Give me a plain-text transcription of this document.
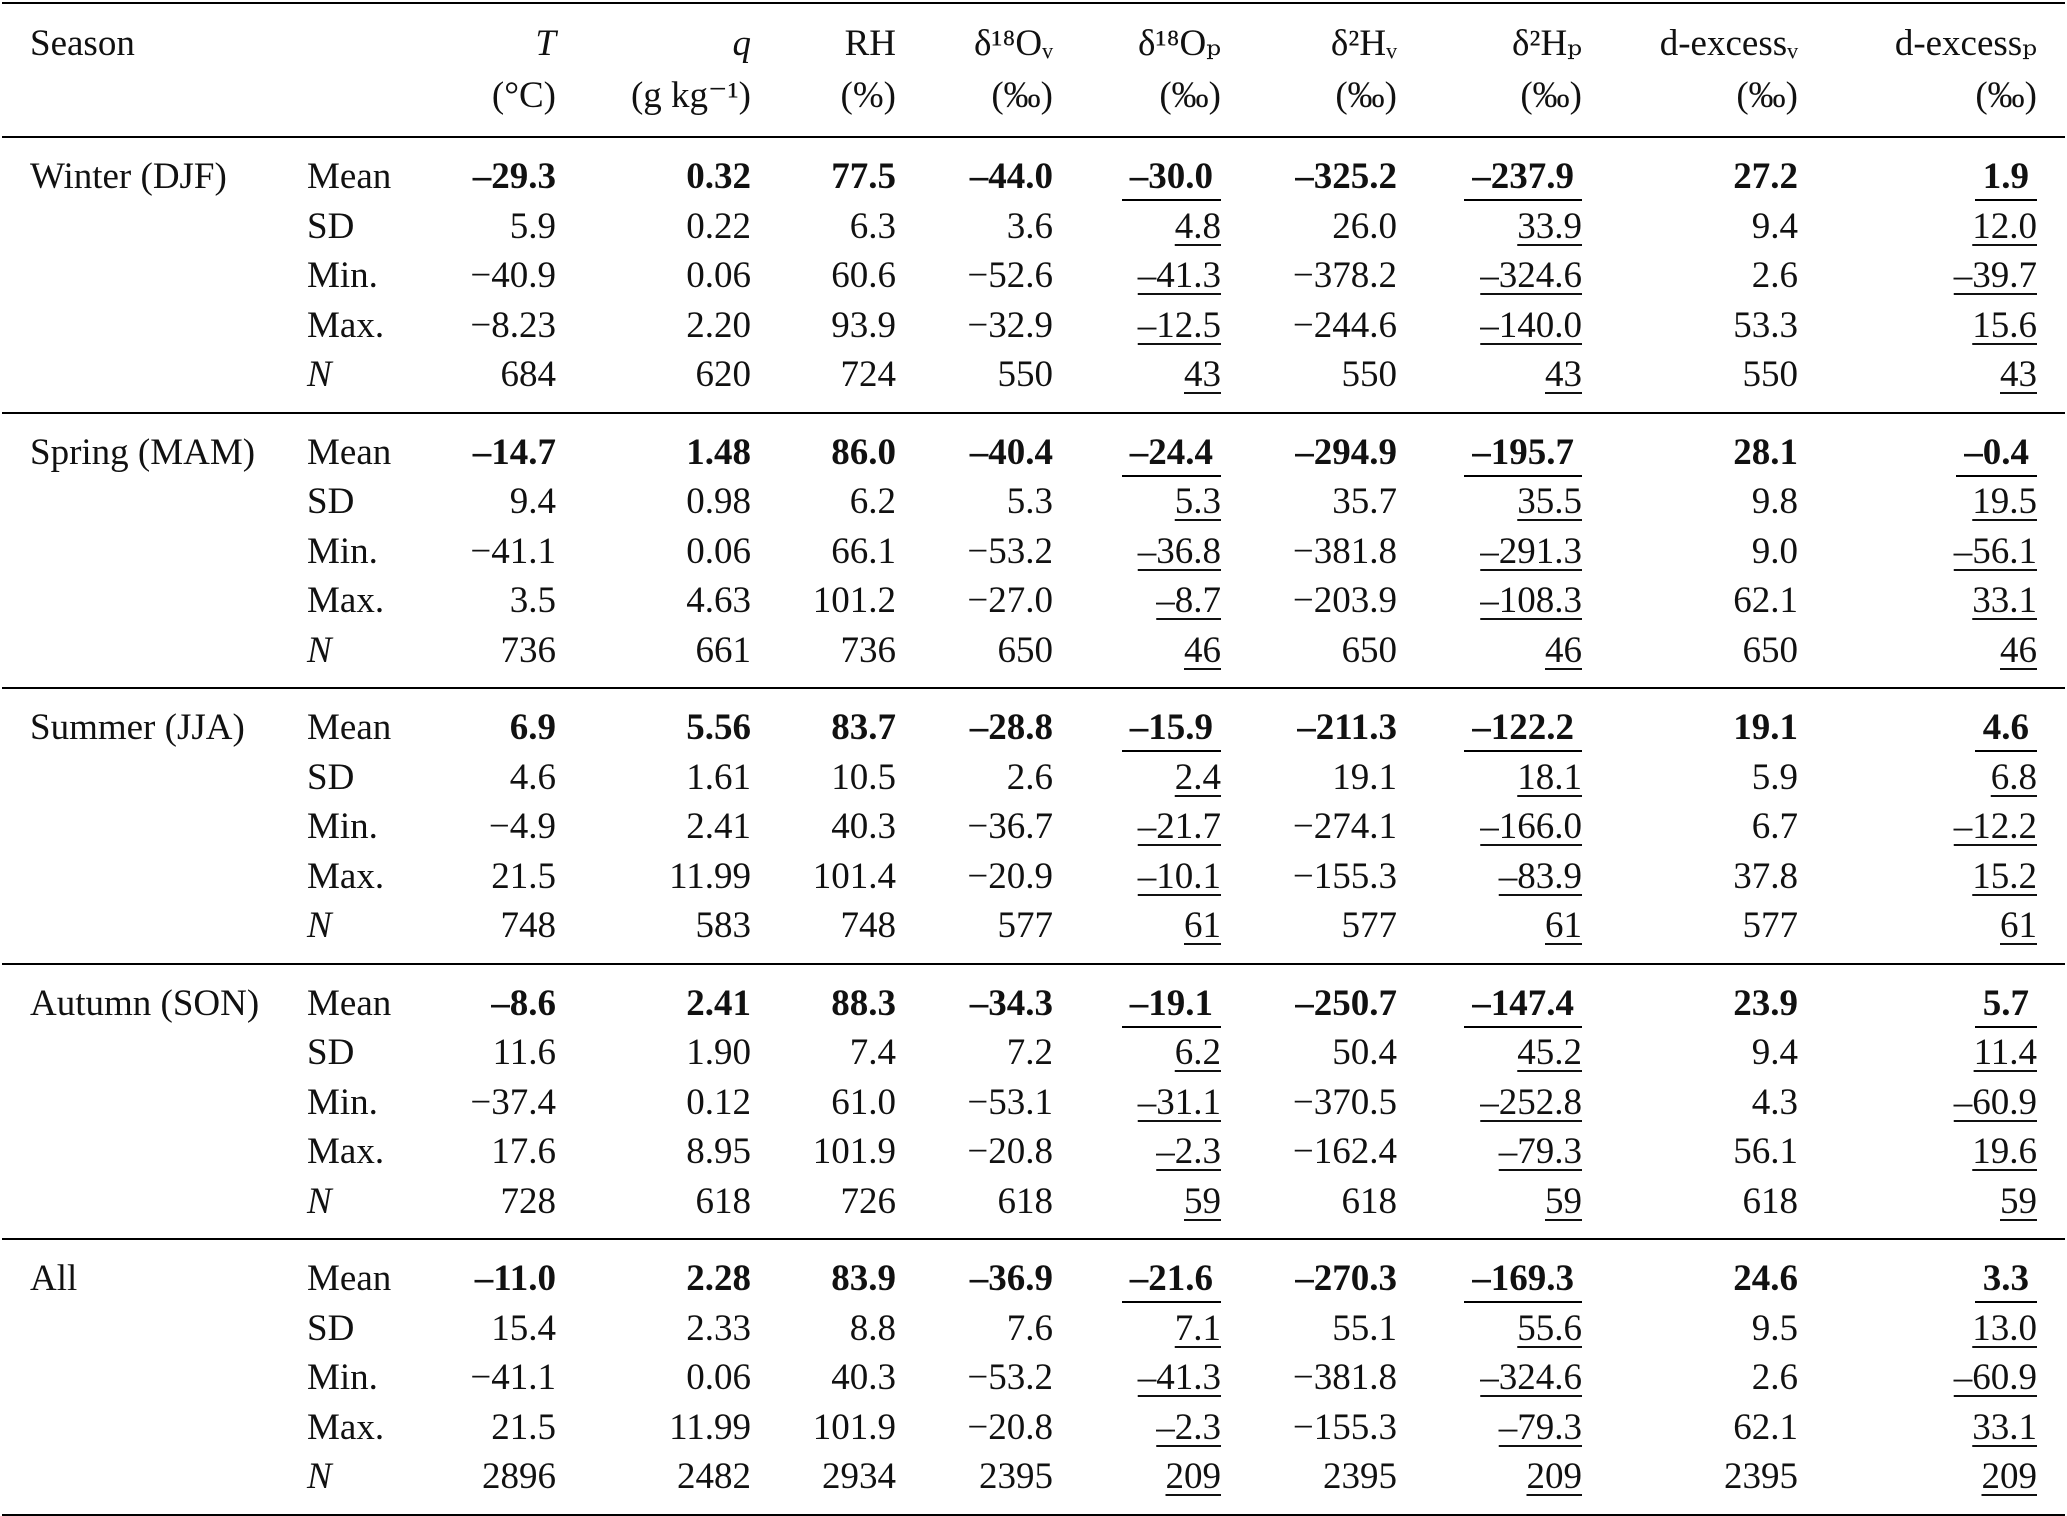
Season		T	q	RH	δ¹⁸Oᵥ	δ¹⁸Oₚ	δ²Hᵥ	δ²Hₚ	d-excessᵥ	d-excessₚ
		(°C)	(g kg⁻¹)	(%)	(‰)	(‰)	(‰)	(‰)	(‰)	(‰)
Winter (DJF)	Mean	–29.3	0.32	77.5	–44.0	–30.0	–325.2	–237.9	27.2	1.9
	SD	5.9	0.22	6.3	3.6	4.8	26.0	33.9	9.4	12.0
	Min.	−40.9	0.06	60.6	−52.6	–41.3	−378.2	–324.6	2.6	–39.7
	Max.	−8.23	2.20	93.9	−32.9	–12.5	−244.6	–140.0	53.3	15.6
	N	684	620	724	550	43	550	43	550	43
Spring (MAM)	Mean	–14.7	1.48	86.0	–40.4	–24.4	–294.9	–195.7	28.1	–0.4
	SD	9.4	0.98	6.2	5.3	5.3	35.7	35.5	9.8	19.5
	Min.	−41.1	0.06	66.1	−53.2	–36.8	−381.8	–291.3	9.0	–56.1
	Max.	3.5	4.63	101.2	−27.0	–8.7	−203.9	–108.3	62.1	33.1
	N	736	661	736	650	46	650	46	650	46
Summer (JJA)	Mean	6.9	5.56	83.7	–28.8	–15.9	–211.3	–122.2	19.1	4.6
	SD	4.6	1.61	10.5	2.6	2.4	19.1	18.1	5.9	6.8
	Min.	−4.9	2.41	40.3	−36.7	–21.7	−274.1	–166.0	6.7	–12.2
	Max.	21.5	11.99	101.4	−20.9	–10.1	−155.3	–83.9	37.8	15.2
	N	748	583	748	577	61	577	61	577	61
Autumn (SON)	Mean	–8.6	2.41	88.3	–34.3	–19.1	–250.7	–147.4	23.9	5.7
	SD	11.6	1.90	7.4	7.2	6.2	50.4	45.2	9.4	11.4
	Min.	−37.4	0.12	61.0	−53.1	–31.1	−370.5	–252.8	4.3	–60.9
	Max.	17.6	8.95	101.9	−20.8	–2.3	−162.4	–79.3	56.1	19.6
	N	728	618	726	618	59	618	59	618	59
All	Mean	–11.0	2.28	83.9	–36.9	–21.6	–270.3	–169.3	24.6	3.3
	SD	15.4	2.33	8.8	7.6	7.1	55.1	55.6	9.5	13.0
	Min.	−41.1	0.06	40.3	−53.2	–41.3	−381.8	–324.6	2.6	–60.9
	Max.	21.5	11.99	101.9	−20.8	–2.3	−155.3	–79.3	62.1	33.1
	N	2896	2482	2934	2395	209	2395	209	2395	209
